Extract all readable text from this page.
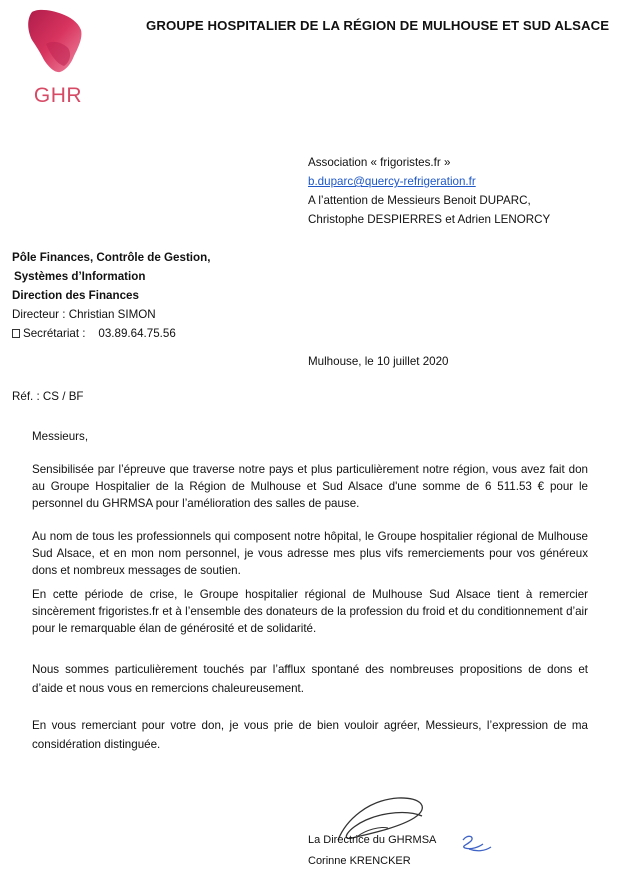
GHR
GROUPE HOSPITALIER DE LA RÉGION DE MULHOUSE ET SUD ALSACE
Association « frigoristes.fr »
b.duparc@quercy-refrigeration.fr
A l’attention de Messieurs Benoit DUPARC,
Christophe DESPIERRES et Adrien LENORCY
Pôle Finances, Contrôle de Gestion,
Systèmes d’Information
Direction des Finances
Directeur : Christian SIMON
Secrétariat : 03.89.64.75.56
Mulhouse, le 10 juillet 2020
Réf. : CS / BF
Messieurs,
Sensibilisée par l’épreuve que traverse notre pays et plus particulièrement notre région, vous avez fait don au Groupe Hospitalier de la Région de Mulhouse et Sud Alsace d'une somme de 6 511.53 € pour le personnel du GHRMSA pour l’amélioration des salles de pause.
Au nom de tous les professionnels qui composent notre hôpital, le Groupe hospitalier régional de Mulhouse Sud Alsace, et en mon nom personnel, je vous adresse mes plus vifs remerciements pour vos généreux dons et nombreux messages de soutien.
En cette période de crise, le Groupe hospitalier régional de Mulhouse Sud Alsace tient à remercier sincèrement frigoristes.fr et à l’ensemble des donateurs de la profession du froid et du conditionnement d’air pour le remarquable élan de générosité et de solidarité.
Nous sommes particulièrement touchés par l’afflux spontané des nombreuses propositions de dons et d’aide et nous vous en remercions chaleureusement.
En vous remerciant pour votre don, je vous prie de bien vouloir agréer, Messieurs, l’expression de ma considération distinguée.
La Directrice du GHRMSA
Corinne KRENCKER
